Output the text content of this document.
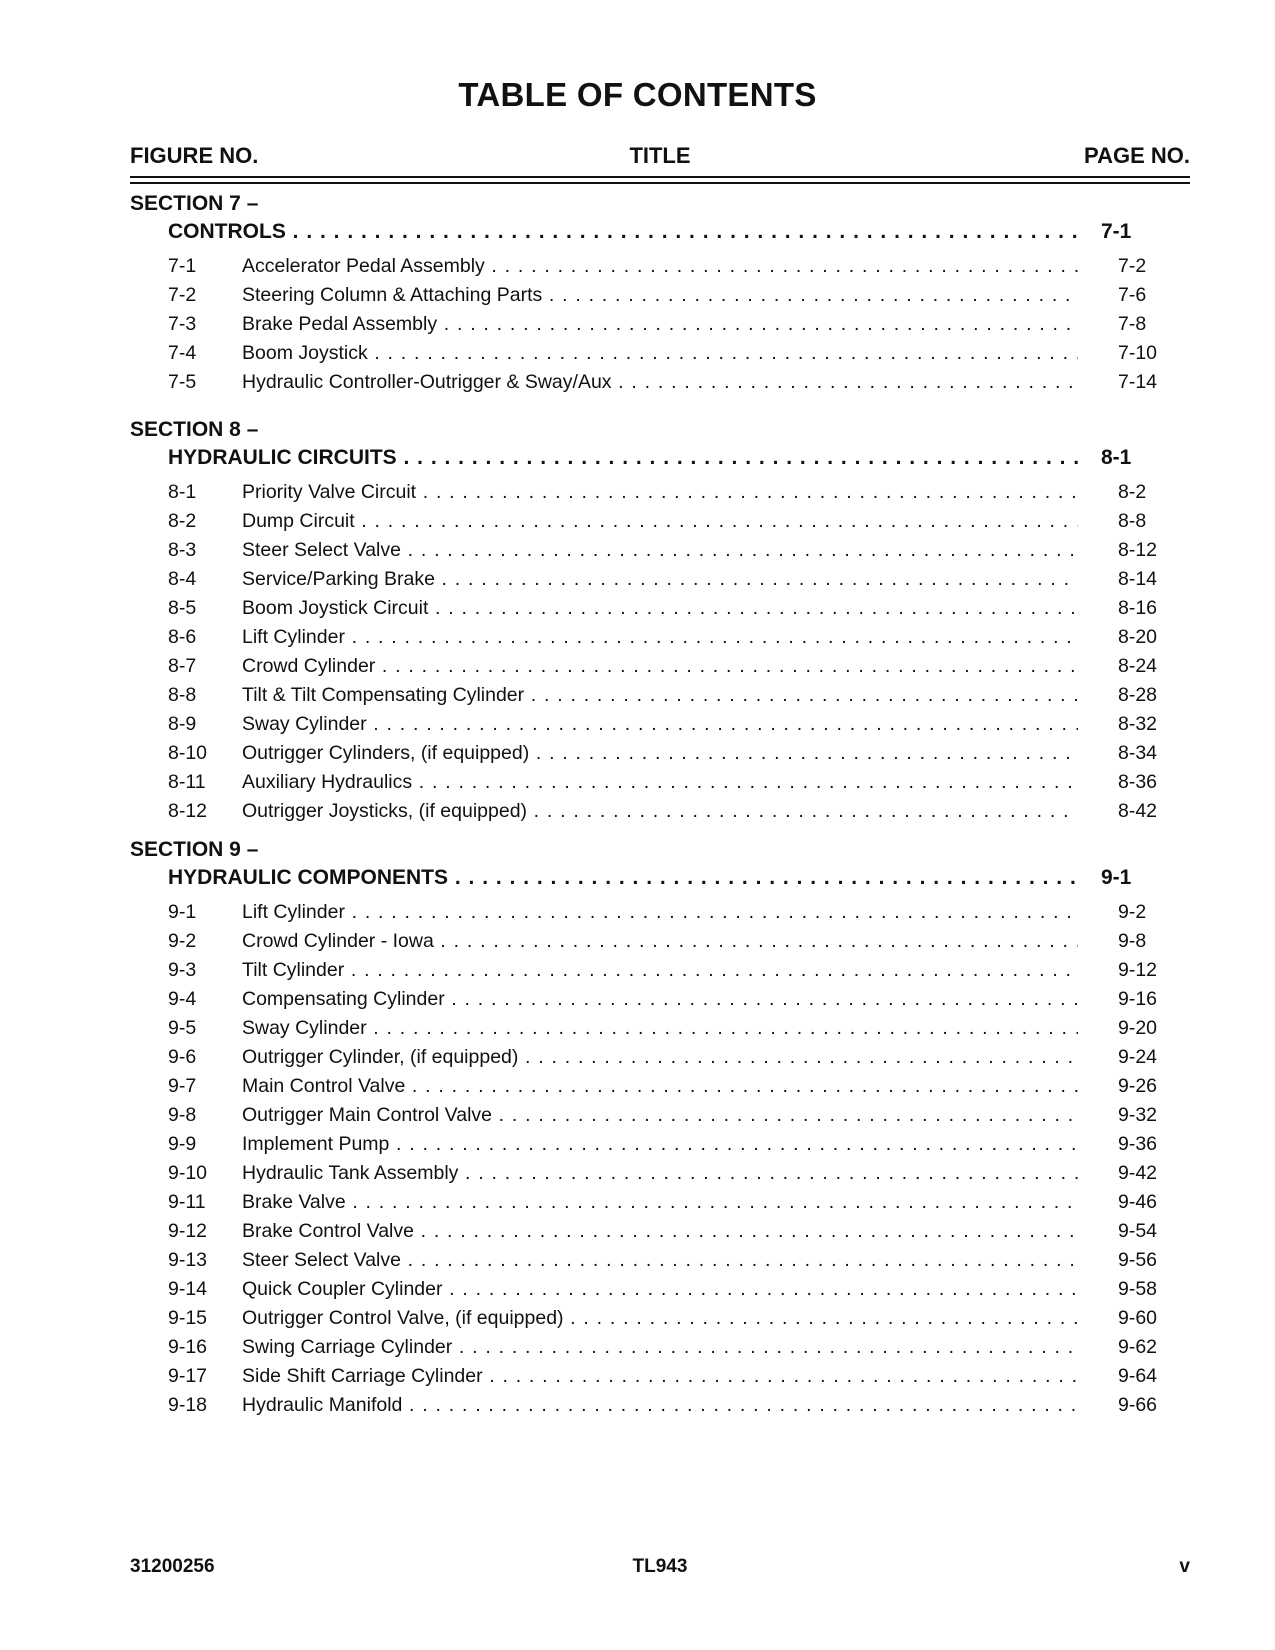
TABLE OF CONTENTS
FIGURE NO.	TITLE	PAGE NO.
SECTION 7 –
CONTROLS . . .	7-1
7-1 Accelerator Pedal Assembly . . .	7-2
7-2 Steering Column & Attaching Parts . . .	7-6
7-3 Brake Pedal Assembly . . .	7-8
7-4 Boom Joystick . . .	7-10
7-5 Hydraulic Controller-Outrigger & Sway/Aux . . .	7-14
SECTION 8 –
HYDRAULIC CIRCUITS . . .	8-1
8-1 Priority Valve Circuit . . .	8-2
8-2 Dump Circuit . . .	8-8
8-3 Steer Select Valve . . .	8-12
8-4 Service/Parking Brake . . .	8-14
8-5 Boom Joystick Circuit . . .	8-16
8-6 Lift Cylinder . . .	8-20
8-7 Crowd Cylinder . . .	8-24
8-8 Tilt & Tilt Compensating Cylinder . . .	8-28
8-9 Sway Cylinder . . .	8-32
8-10 Outrigger Cylinders, (if equipped) . . .	8-34
8-11 Auxiliary Hydraulics . . .	8-36
8-12 Outrigger Joysticks, (if equipped) . . .	8-42
SECTION 9 –
HYDRAULIC COMPONENTS . . .	9-1
9-1 Lift Cylinder . . .	9-2
9-2 Crowd Cylinder - Iowa . . .	9-8
9-3 Tilt Cylinder . . .	9-12
9-4 Compensating Cylinder . . .	9-16
9-5 Sway Cylinder . . .	9-20
9-6 Outrigger Cylinder, (if equipped) . . .	9-24
9-7 Main Control Valve . . .	9-26
9-8 Outrigger Main Control Valve . . .	9-32
9-9 Implement Pump . . .	9-36
9-10 Hydraulic Tank Assembly . . .	9-42
9-11 Brake Valve . . .	9-46
9-12 Brake Control Valve . . .	9-54
9-13 Steer Select Valve . . .	9-56
9-14 Quick Coupler Cylinder . . .	9-58
9-15 Outrigger Control Valve, (if equipped) . . .	9-60
9-16 Swing Carriage Cylinder . . .	9-62
9-17 Side Shift Carriage Cylinder . . .	9-64
9-18 Hydraulic Manifold . . .	9-66
31200256	TL943	v
